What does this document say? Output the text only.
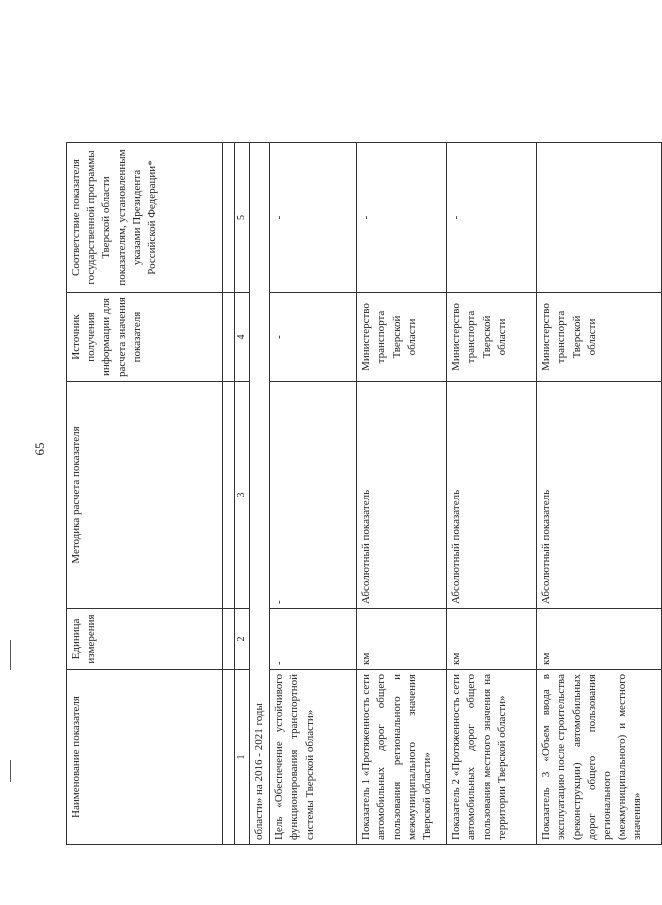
65
Наименование показателя	Единица измерения	Методика расчета показателя	Источник получения информации для расчета значения показателя	Соответствие показателя государственной программы Тверской области показателям, установленным указами Президента Российской Федерации*

1	2	3	4	5
области» на 2016 - 2021 годы				
Цель «Обеспечение устойчивого функционирования транспортной системы Тверской области»	-	-	-	-
Показатель 1 «Протяженность сети автомобильных дорог общего пользования регионального и межмуниципального значения Тверской области»	км	Абсолютный показатель	Министерство транспорта Тверской области	-
Показатель 2 «Протяженность сети автомобильных дорог общего пользования местного значения на территории Тверской области»	км	Абсолютный показатель	Министерство транспорта Тверской области	-
Показатель 3 «Объем ввода в эксплуатацию после строительства (реконструкции) автомобильных дорог общего пользования регионального (межмуниципального) и местного значения»	км	Абсолютный показатель	Министерство транспорта Тверской области	
